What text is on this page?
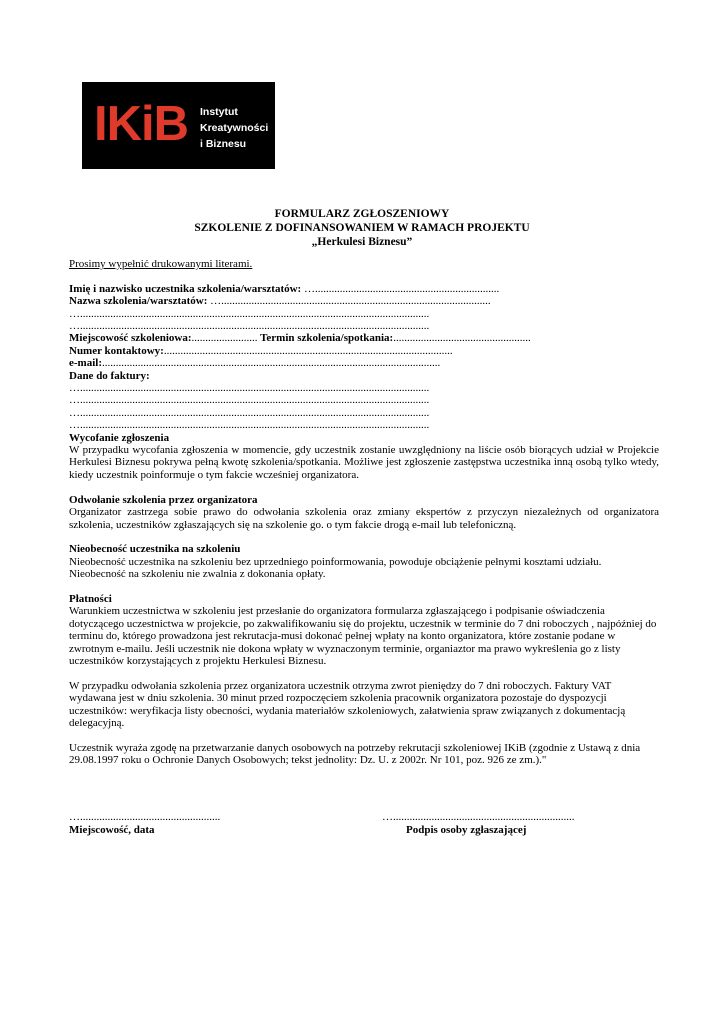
IKiB Instytut
Kreatywności
i Biznesu
FORMULARZ ZGŁOSZENIOWY
SZKOLENIE Z DOFINANSOWANIEM W RAMACH PROJEKTU
„Herkulesi Biznesu”
Prosimy wypełnić drukowanymi literami.
Imię i nazwisko uczestnika szkolenia/warsztatów: …...................................................................
Nazwa szkolenia/warsztatów: …..................................................................................................
…...............................................................................................................................
…...............................................................................................................................
Miejscowość szkoleniowa:........................ Termin szkolenia/spotkania:..................................................
Numer kontaktowy:.........................................................................................................
e-mail:...........................................................................................................................
Dane do faktury:
…...............................................................................................................................
…...............................................................................................................................
…...............................................................................................................................
…...............................................................................................................................
Wycofanie zgłoszenia
W przypadku wycofania zgłoszenia w momencie, gdy uczestnik zostanie uwzględniony na liście osób biorących udział w Projekcie Herkulesi Biznesu pokrywa pełną kwotę szkolenia/spotkania. Możliwe jest zgłoszenie zastępstwa uczestnika inną osobą tylko wtedy, kiedy uczestnik poinformuje o tym fakcie wcześniej organizatora.
Odwołanie szkolenia przez organizatora
Organizator zastrzega sobie prawo do odwołania szkolenia oraz zmiany ekspertów z przyczyn niezależnych od organizatora szkolenia, uczestników zgłaszających się na szkolenie go. o tym fakcie drogą e-mail lub telefoniczną.
Nieobecność uczestnika na szkoleniu
Nieobecność uczestnika na szkoleniu bez uprzedniego poinformowania, powoduje obciążenie pełnymi kosztami udziału.
Nieobecność na szkoleniu nie zwalnia z dokonania opłaty.
Płatności
Warunkiem uczestnictwa w szkoleniu jest przesłanie do organizatora formularza zgłaszającego i podpisanie oświadczenia dotyczącego uczestnictwa w projekcie, po zakwalifikowaniu się do projektu, uczestnik w terminie do 7 dni roboczych , najpóźniej do terminu do, którego prowadzona jest rekrutacja-musi dokonać pełnej wpłaty na konto organizatora, które zostanie podane w zwrotnym e-mailu. Jeśli uczestnik nie dokona wpłaty w wyznaczonym terminie, organiaztor ma prawo wykreślenia go z listy uczestników korzystających z projektu Herkulesi Biznesu.
W przypadku odwołania szkolenia przez organizatora uczestnik otrzyma zwrot pieniędzy do 7 dni roboczych. Faktury VAT wydawana jest w dniu szkolenia. 30 minut przed rozpoczęciem szkolenia pracownik organizatora pozostaje do dyspozycji uczestników: weryfikacja listy obecności, wydania materiałów szkoleniowych, załatwienia spraw związanych z dokumentacją delegacyjną.
Uczestnik wyraża zgodę na przetwarzanie danych osobowych na potrzeby rekrutacji szkoleniowej IKiB (zgodnie z Ustawą z dnia 29.08.1997 roku o Ochronie Danych Osobowych; tekst jednolity: Dz. U. z 2002r. Nr 101, poz. 926 ze zm.)."
…...................................................
Miejscowość, data
…..................................................................
Podpis osoby zgłaszającej
